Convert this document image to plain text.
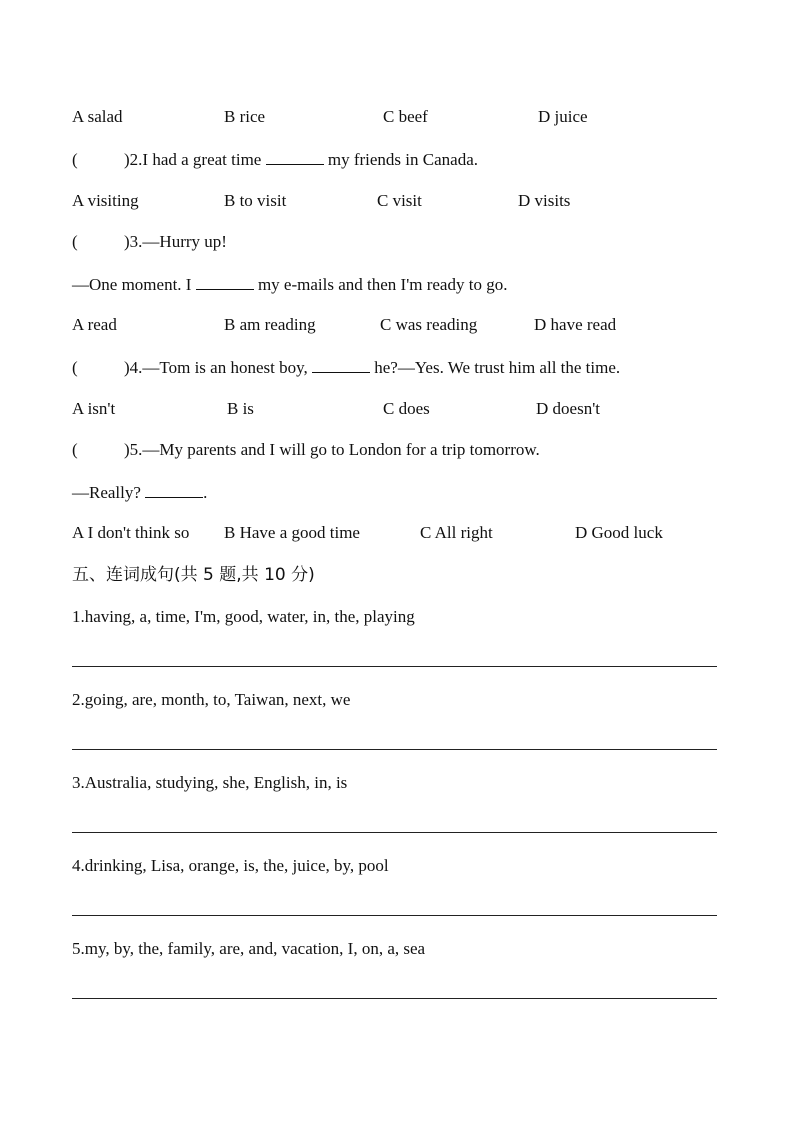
A salad	B rice	C beef	D juice
(	)2.I had a great time	my friends in Canada.
A visiting	B to visit	C visit	D visits
(	)3.—Hurry up!
—One moment. I	my e-mails and then I'm ready to go.
A read	B am reading	C was reading	D have read
(	)4.—Tom is an honest boy,	he?—Yes. We trust him all the time.
A isn't	B is	C does	D doesn't
(	)5.—My parents and I will go to London for a trip tomorrow.
—Really?	.
A I don't think so B Have a good time	C All right	D Good luck
五、连词成句(共 5 题,共 10 分)
1.having, a, time, I'm, good, water, in, the, playing
2.going, are, month, to, Taiwan, next, we
3.Australia, studying, she, English, in, is
4.drinking, Lisa, orange, is, the, juice, by, pool
5.my, by, the, family, are, and, vacation, I, on, a, sea
